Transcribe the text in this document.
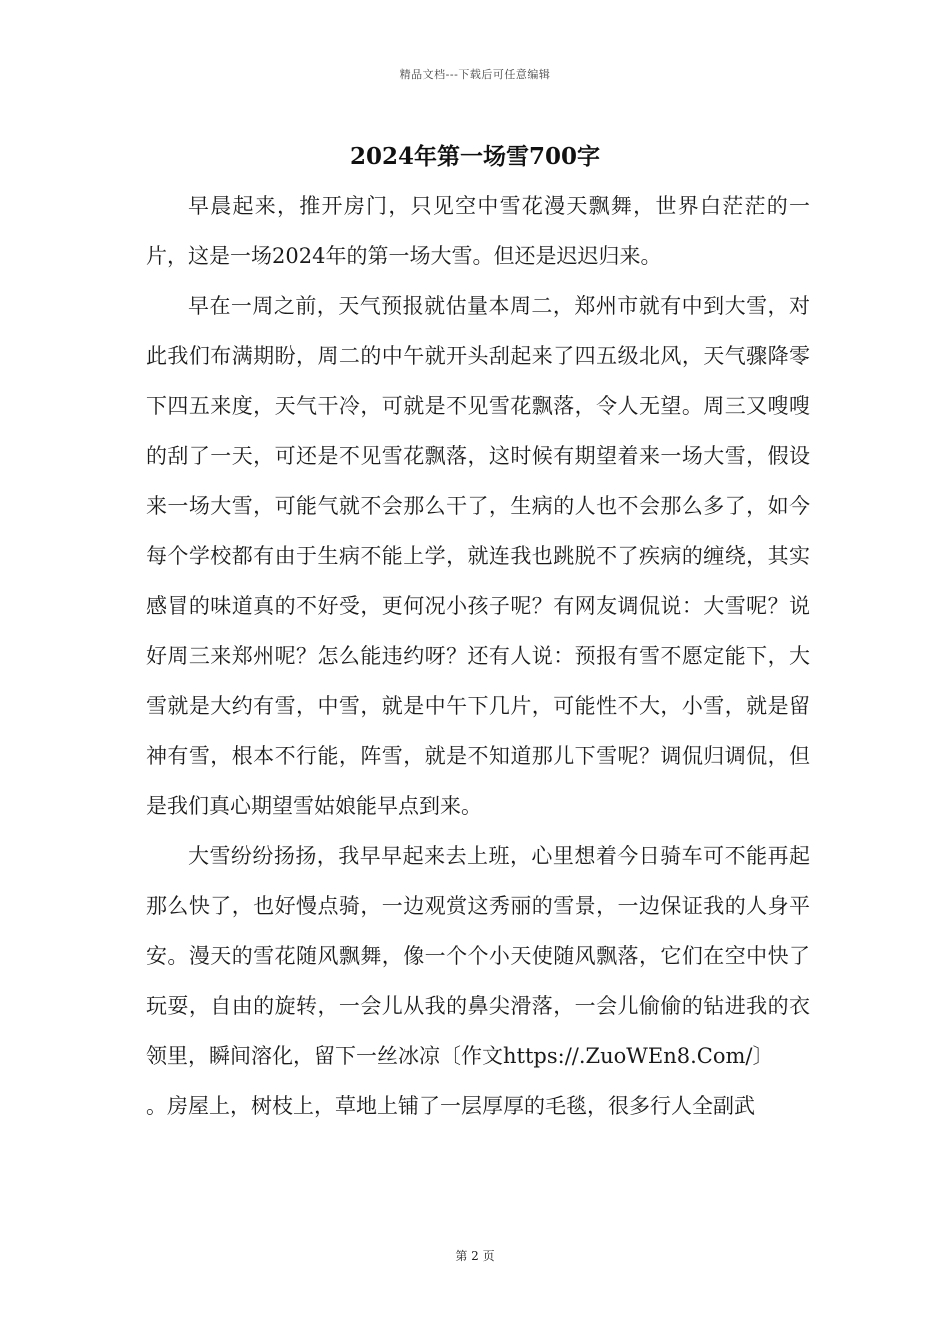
精品文档---下载后可任意编辑
2024年第一场雪700字

早晨起来，推开房门，只见空中雪花漫天飘舞，世界白茫茫的一片，这是一场2024年的第一场大雪。但还是迟迟归来。

早在一周之前，天气预报就估量本周二，郑州市就有中到大雪，对此我们布满期盼，周二的中午就开头刮起来了四五级北风，天气骤降零下四五来度，天气干冷，可就是不见雪花飘落，令人无望。周三又嗖嗖的刮了一天，可还是不见雪花飘落，这时候有期望着来一场大雪，假设来一场大雪，可能气就不会那么干了，生病的人也不会那么多了，如今每个学校都有由于生病不能上学，就连我也跳脱不了疾病的缠绕，其实感冒的味道真的不好受，更何况小孩子呢？有网友调侃说：大雪呢？说好周三来郑州呢？怎么能违约呀？还有人说：预报有雪不愿定能下，大雪就是大约有雪，中雪，就是中午下几片，可能性不大，小雪，就是留神有雪，根本不行能，阵雪，就是不知道那儿下雪呢？调侃归调侃，但是我们真心期望雪姑娘能早点到来。

大雪纷纷扬扬，我早早起来去上班，心里想着今日骑车可不能再起那么快了，也好慢点骑，一边观赏这秀丽的雪景，一边保证我的人身平安。漫天的雪花随风飘舞，像一个个小天使随风飘落，它们在空中快了玩耍，自由的旋转，一会儿从我的鼻尖滑落，一会儿偷偷的钻进我的衣领里，瞬间溶化，留下一丝冰凉〔作文https://.ZuoWEn8.Com/〕

。房屋上，树枝上，草地上铺了一层厚厚的毛毯，很多行人全副武

第 2 页
